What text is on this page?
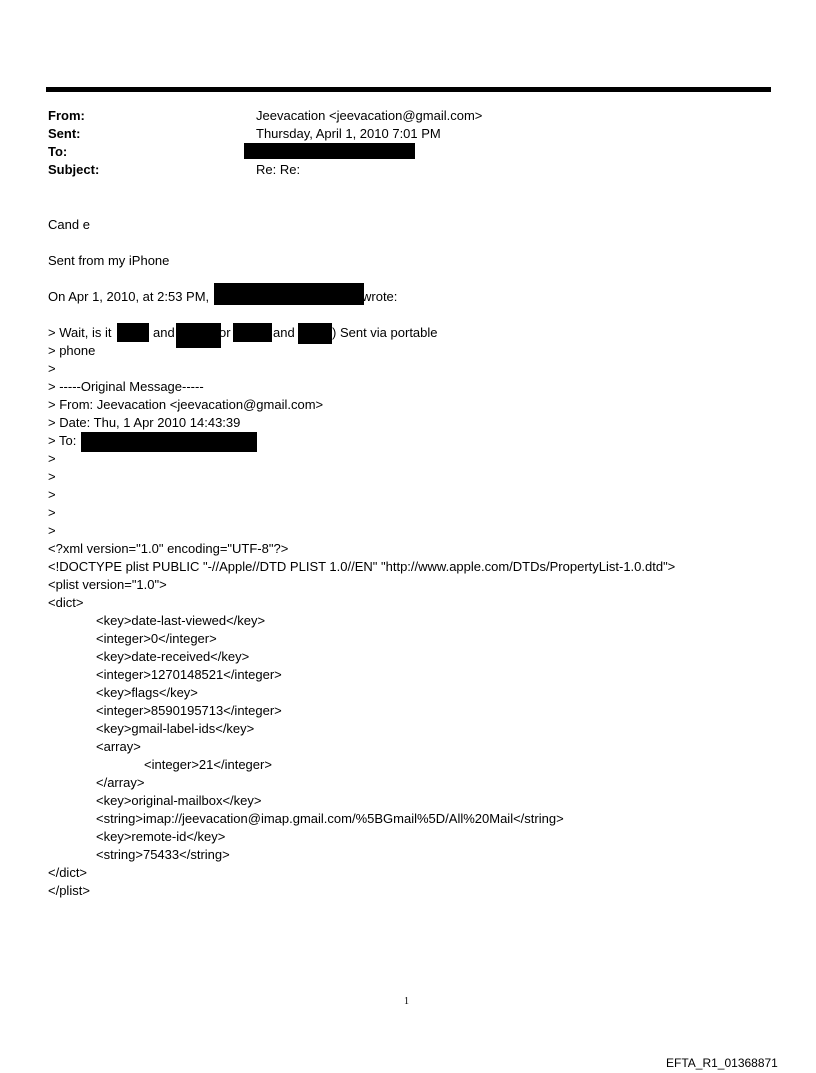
From:	Jeevacation <jeevacation@gmail.com>
Sent:	Thursday, April 1, 2010 7:01 PM
To:
Subject:	Re: Re:
Cand e
Sent from my iPhone
On Apr 1, 2010, at 2:53 PM,	wrote:
> Wait, is it	and	or	and	) Sent via portable
> phone
>
> -----Original Message-----
> From: Jeevacation <jeevacation@gmail.com>
> Date: Thu, 1 Apr 2010 14:43:39
> To:
>
>
>
>
>
<?xml version="1.0" encoding="UTF-8"?>
<!DOCTYPE plist PUBLIC "-//Apple//DTD PLIST 1.0//EN" "http://www.apple.com/DTDs/PropertyList-1.0.dtd">
<plist version="1.0">
<dict>
<key>date-last-viewed</key>
<integer>0</integer>
<key>date-received</key>
<integer>1270148521</integer>
<key>flags</key>
<integer>8590195713</integer>
<key>gmail-label-ids</key>
<array>
<integer>21</integer>
</array>
<key>original-mailbox</key>
<string>imap://jeevacation@imap.gmail.com/%5BGmail%5D/All%20Mail</string>
<key>remote-id</key>
<string>75433</string>
</dict>
</plist>
1
EFTA_R1_01368871
